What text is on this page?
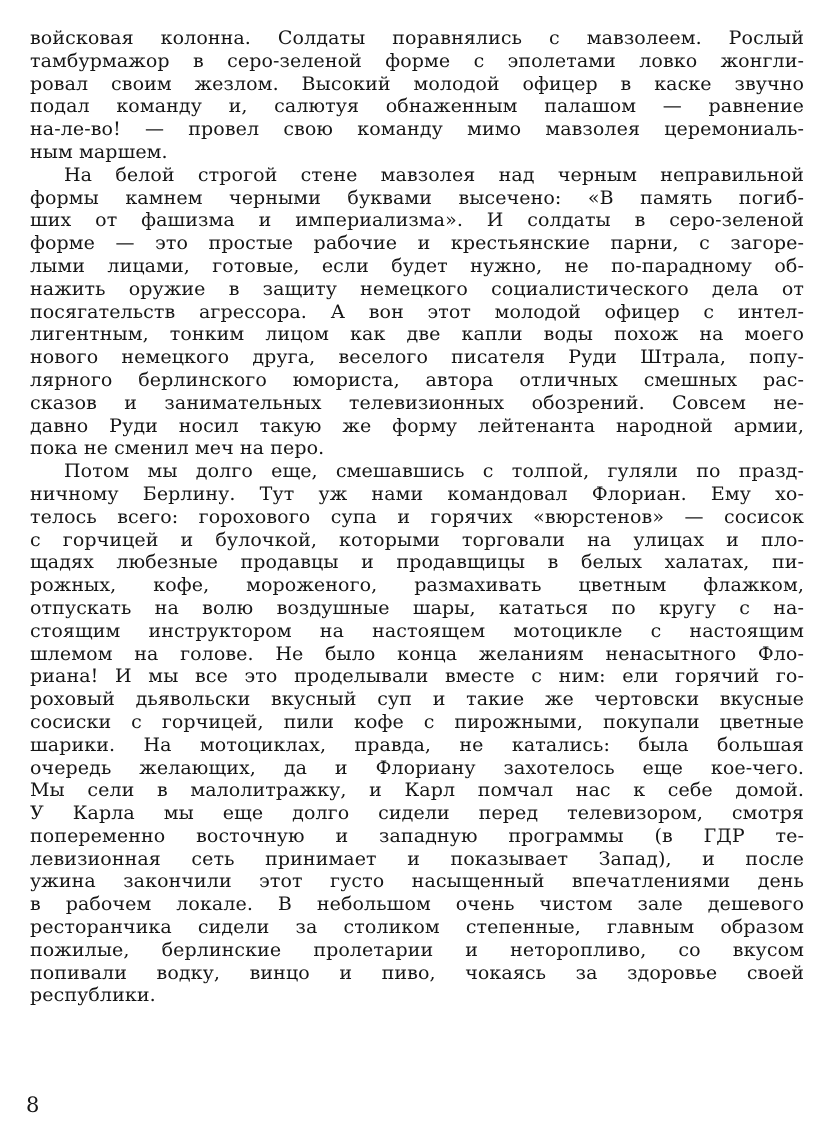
войсковая колонна. Солдаты поравнялись с мавзолеем. Рослый
тамбурмажор в серо-зеленой форме с эполетами ловко жонгли-
ровал своим жезлом. Высокий молодой офицер в каске звучно
подал команду и, салютуя обнаженным палашом — равнение
на-ле-во! — провел свою команду мимо мавзолея церемониаль-
ным маршем.
На белой строгой стене мавзолея над черным неправильной
формы камнем черными буквами высечено: «В память погиб-
ших от фашизма и империализма». И солдаты в серо-зеленой
форме — это простые рабочие и крестьянские парни, с загоре-
лыми лицами, готовые, если будет нужно, не по-парадному об-
нажить оружие в защиту немецкого социалистического дела от
посягательств агрессора. А вон этот молодой офицер с интел-
лигентным, тонким лицом как две капли воды похож на моего
нового немецкого друга, веселого писателя Руди Штрала, попу-
лярного берлинского юмориста, автора отличных смешных рас-
сказов и занимательных телевизионных обозрений. Совсем не-
давно Руди носил такую же форму лейтенанта народной армии,
пока не сменил меч на перо.
Потом мы долго еще, смешавшись с толпой, гуляли по празд-
ничному Берлину. Тут уж нами командовал Флориан. Ему хо-
телось всего: горохового супа и горячих «вюрстенов» — сосисок
с горчицей и булочкой, которыми торговали на улицах и пло-
щадях любезные продавцы и продавщицы в белых халатах, пи-
рожных, кофе, мороженого, размахивать цветным флажком,
отпускать на волю воздушные шары, кататься по кругу с на-
стоящим инструктором на настоящем мотоцикле с настоящим
шлемом на голове. Не было конца желаниям ненасытного Фло-
риана! И мы все это проделывали вместе с ним: ели горячий го-
роховый дьявольски вкусный суп и такие же чертовски вкусные
сосиски с горчицей, пили кофе с пирожными, покупали цветные
шарики. На мотоциклах, правда, не катались: была большая
очередь желающих, да и Флориану захотелось еще кое-чего.
Мы сели в малолитражку, и Карл помчал нас к себе домой.
У Карла мы еще долго сидели перед телевизором, смотря
попеременно восточную и западную программы (в ГДР те-
левизионная сеть принимает и показывает Запад), и после
ужина закончили этот густо насыщенный впечатлениями день
в рабочем локале. В небольшом очень чистом зале дешевого
ресторанчика сидели за столиком степенные, главным образом
пожилые, берлинские пролетарии и неторопливо, со вкусом
попивали водку, винцо и пиво, чокаясь за здоровье своей
республики.
8
